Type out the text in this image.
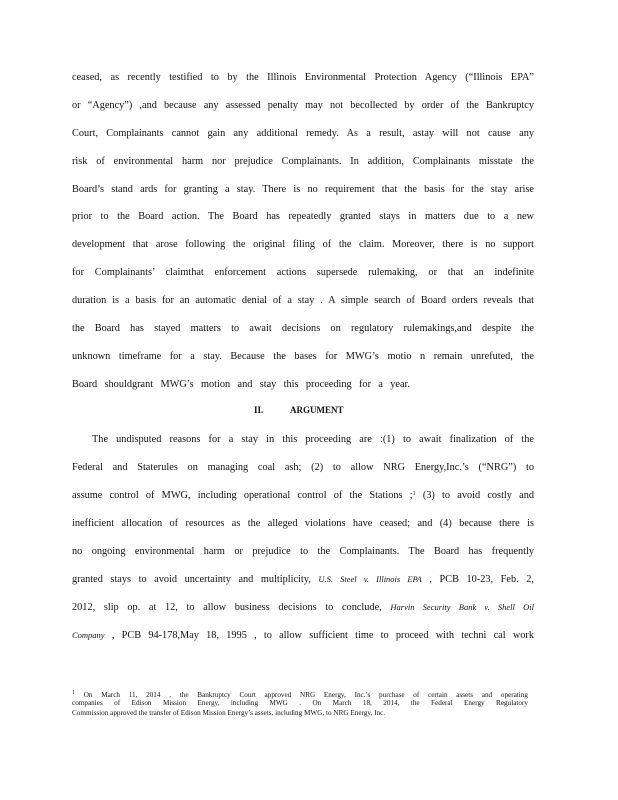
ceased, as recently testified to by the Illinois Environmental Protection Agency (“Illinois EPA”
or “Agency”) ,and because any assessed penalty may not becollected by order of the Bankruptcy
Court, Complainants cannot gain any additional remedy. As a result, astay will not cause any
risk of environmental harm nor prejudice Complainants. In addition, Complainants misstate the
Board’s stand ards for granting a stay. There is no requirement that the basis for the stay arise
prior to the Board action. The Board has repeatedly granted stays in matters due to a new
development that arose following the original filing of the claim. Moreover, there is no support
for Complainants’ claimthat enforcement actions supersede rulemaking, or that an indefinite
duration is a basis for an automatic denial of a stay . A simple search of Board orders reveals that
the Board has stayed matters to await decisions on regulatory rulemakings,and despite the
unknown timeframe for a stay. Because the bases for MWG’s motio n remain unrefuted, the
Board shouldgrant MWG’s motion and stay this proceeding for a year.
II.	ARGUMENT
The undisputed reasons for a stay in this proceeding are :(1) to await finalization of the
Federal and Staterules on managing coal ash; (2) to allow NRG Energy,Inc.’s (“NRG”) to
assume control of MWG, including operational control of the Stations ;$^1$ (3) to avoid costly and
inefficient allocation of resources as the alleged violations have ceased; and (4) because there is
no ongoing environmental harm or prejudice to the Complainants. The Board has frequently
granted stays to avoid uncertainty and multiplicity, U.S. Steel v. Illinois EPA , PCB 10-23, Feb. 2,
2012, slip op. at 12, to allow business decisions to conclude, Harvin Security Bank v. Shell Oil
Company , PCB 94-178,May 18, 1995 , to allow sufficient time to proceed with techni cal work
$^1$ On March 11, 2014 , the Bankruptcy Court approved NRG Energy, Inc.’s purchase of certain assets and operating
companies of Edison Mission Energy, including MWG . On March 18, 2014, the Federal Energy Regulatory
Commission approved the transfer of Edison Mission Energy’s assets, including MWG, to NRG Energy, Inc.
